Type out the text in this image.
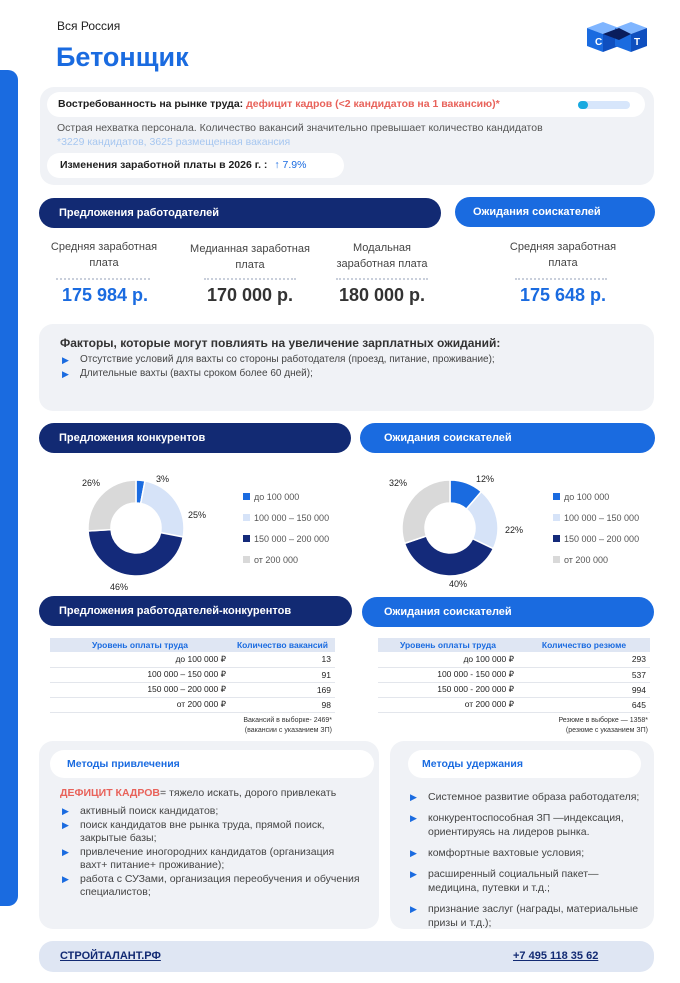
Вся Россия
Бетонщик	С	Т
Востребованность на рынке труда: дефицит кадров (<2 кандидатов на 1 вакансию)*
Острая нехватка персонала. Количество вакансий значительно превышает количество кандидатов
*3229 кандидатов, 3625 размещенная вакансия
Изменения заработной платы в 2026 г. : ↑ 7.9%
Предложения работодателей	Ожидания соискателей
Средняя заработная плата
175 984 р.
Медианная заработная плата
170 000 р.
Модальная заработная плата
180 000 р.
Средняя заработная плата
175 648 р.
Факторы, которые могут повлиять на увеличение зарплатных ожиданий:
▶ Отсутствие условий для вахты со стороны работодателя (проезд, питание, проживание);
▶ Длительные вахты (вахты сроком более 60 дней);
Предложения конкурентов	Ожидания соискателей
3%
25%
46%
26%
до 100 000
100 000 – 150 000
150 000 – 200 000
от 200 000
12%
22%
40%
32%
до 100 000
100 000 – 150 000
150 000 – 200 000
от 200 000
Предложения работодателей-конкурентов	Ожидания соискателей
Уровень оплаты труда	Количество вакансий
до 100 000 ₽	13
100 000 – 150 000 ₽	91
150 000 – 200 000 ₽	169
от 200 000 ₽	98
Вакансий в выборке- 2469*
(вакансии с указанием ЗП)
Уровень оплаты труда	Количество резюме
до 100 000 ₽	293
100 000 - 150 000 ₽	537
150 000 - 200 000 ₽	994
от 200 000 ₽	645
Резюме в выборке — 1358*
(резюме с указанием ЗП)
Методы привлечения
ДЕФИЦИТ КАДРОВ= тяжело искать, дорого привлекать
▶ активный поиск кандидатов;
▶ поиск кандидатов вне рынка труда, прямой поиск, закрытые базы;
▶ привлечение иногородних кандидатов (организация вахт+ питание+ проживание);
▶ работа с СУЗами, организация переобучения и обучения специалистов;
Методы удержания
▶ Системное развитие образа работодателя;
▶ конкурентоспособная ЗП —индексация, ориентируясь на лидеров рынка.
▶ комфортные вахтовые условия;
▶ расширенный социальный пакет— медицина, путевки и т.д.;
▶ признание заслуг (награды, материальные призы и т.д.);
СТРОЙТАЛАНТ.РФ	+7 495 118 35 62
